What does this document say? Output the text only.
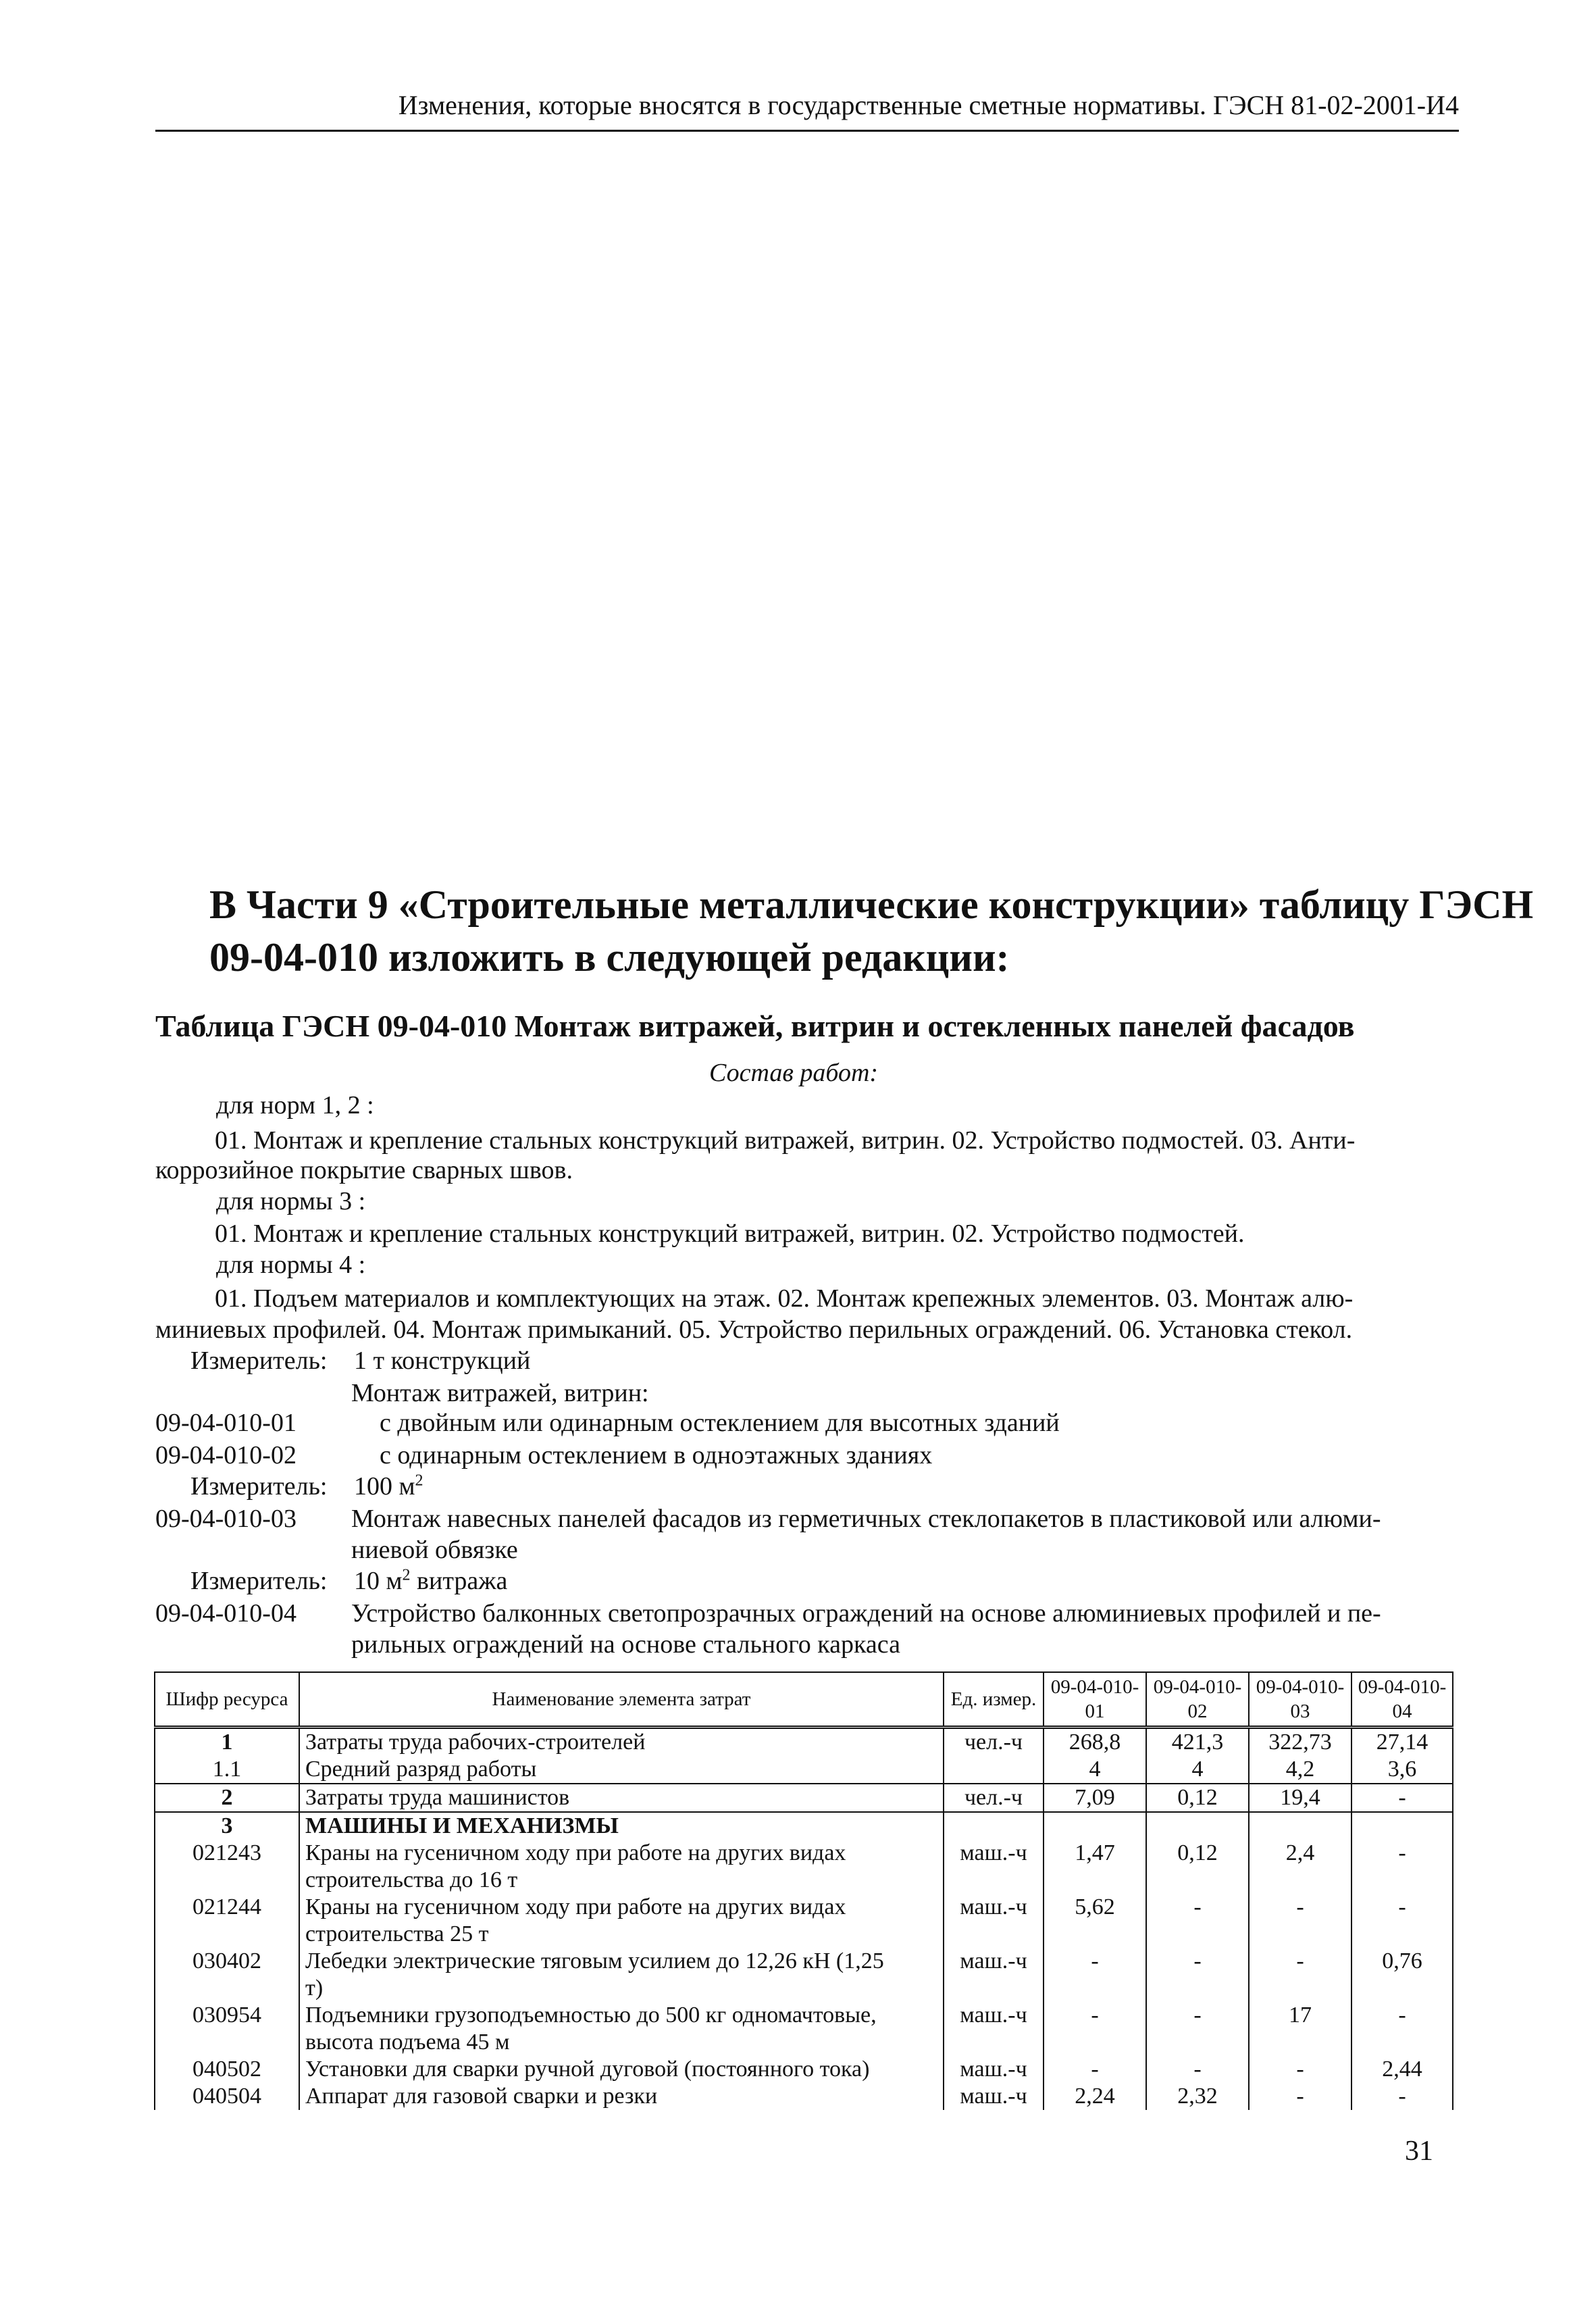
Изменения, которые вносятся в государственные сметные нормативы. ГЭСН 81-02-2001-И4
В Части 9 «Строительные металлические конструкции» таблицу ГЭСН
09-04-010 изложить в следующей редакции:
Таблица ГЭСН 09-04-010 Монтаж витражей, витрин и остекленных панелей фасадов
Состав работ:
для норм 1, 2 :
01. Монтаж и крепление стальных конструкций витражей, витрин. 02. Устройство подмостей. 03. Анти-
коррозийное покрытие сварных швов.
для нормы 3 :
01. Монтаж и крепление стальных конструкций витражей, витрин. 02. Устройство подмостей.
для нормы 4 :
01. Подъем материалов и комплектующих на этаж. 02. Монтаж крепежных элементов. 03. Монтаж алю-
миниевых профилей. 04. Монтаж примыканий. 05. Устройство перильных ограждений. 06. Установка стекол.
Измеритель: 1 т конструкций
Монтаж витражей, витрин:
09-04-010-01	с двойным или одинарным остеклением для высотных зданий
09-04-010-02	с одинарным остеклением в одноэтажных зданиях
Измеритель: 100 $м^2$
09-04-010-03 Монтаж навесных панелей фасадов из герметичных стеклопакетов в пластиковой или алюми-
ниевой обвязке
Измеритель: 10 $м^2$ витража
09-04-010-04 Устройство балконных светопрозрачных ограждений на основе алюминиевых профилей и пе-
рильных ограждений на основе стального каркаса
Шифр ресурса	Наименование элемента затрат	Ед. измер.	09-04-010-01	09-04-010-02	09-04-010-03	09-04-010-04
1	Затраты труда рабочих-строителей	чел.-ч	268,8	421,3	322,73	27,14
1.1	Средний разряд работы		4	4	4,2	3,6
2	Затраты труда машинистов	чел.-ч	7,09	0,12	19,4	-
3	МАШИНЫ И МЕХАНИЗМЫ					
021243	Краны на гусеничном ходу при работе на других видах
строительства до 16 т	маш.-ч	1,47	0,12	2,4	-
021244	Краны на гусеничном ходу при работе на других видах
строительства 25 т	маш.-ч	5,62	-	-	-
030402	Лебедки электрические тяговым усилием до 12,26 кН (1,25
т)	маш.-ч	-	-	-	0,76
030954	Подъемники грузоподъемностью до 500 кг одномачтовые,
высота подъема 45 м	маш.-ч	-	-	17	-
040502	Установки для сварки ручной дуговой (постоянного тока)	маш.-ч	-	-	-	2,44
040504	Аппарат для газовой сварки и резки	маш.-ч	2,24	2,32	-	-
31
